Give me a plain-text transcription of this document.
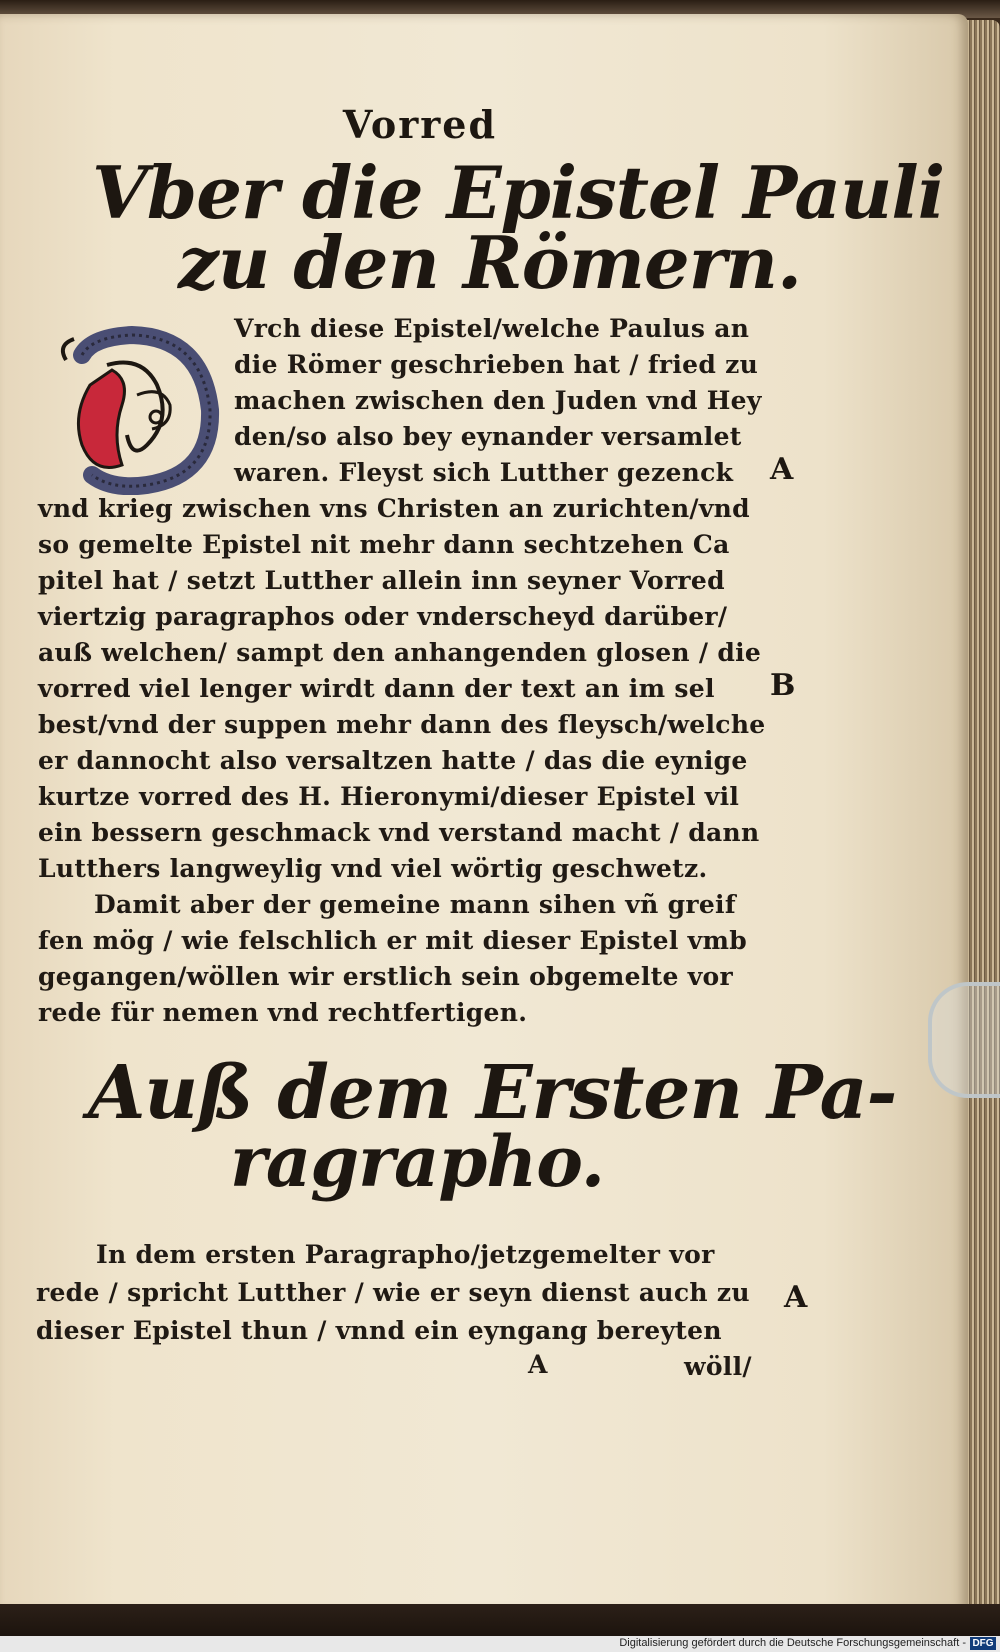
Vorred
Vber die Epistel Pauli
zu den Römern.
Vrch diese Epistel/welche Paulus an
die Römer geschrieben hat / fried zu
machen zwischen den Juden vnd Hey
den/so also bey eynander versamlet
waren. Fleyst sich Lutther gezenck
vnd krieg zwischen vns Christen an zurichten/vnd
so gemelte Epistel nit mehr dann sechtzehen Ca
pitel hat / setzt Lutther allein inn seyner Vorred
viertzig paragraphos oder vnderscheyd darüber/
auß welchen/ sampt den anhangenden glosen / die
vorred viel lenger wirdt dann der text an im sel
best/vnd der suppen mehr dann des fleysch/welche
er dannocht also versaltzen hatte / das die eynige
kurtze vorred des H. Hieronymi/dieser Epistel vil
ein bessern geschmack vnd verstand macht / dann
Lutthers langweylig vnd viel wörtig geschwetz.
Damit aber der gemeine mann sihen vñ greif
fen mög / wie felschlich er mit dieser Epistel vmb
gegangen/wöllen wir erstlich sein obgemelte vor
rede für nemen vnd rechtfertigen.
Auß dem Ersten Pa-
ragrapho.
In dem ersten Paragrapho/jetzgemelter vor
rede / spricht Lutther / wie er seyn dienst auch zu
dieser Epistel thun / vnnd ein eyngang bereyten
A	wöll/
A
B
A
Digitalisierung gefördert durch die Deutsche Forschungsgemeinschaft - DFG
